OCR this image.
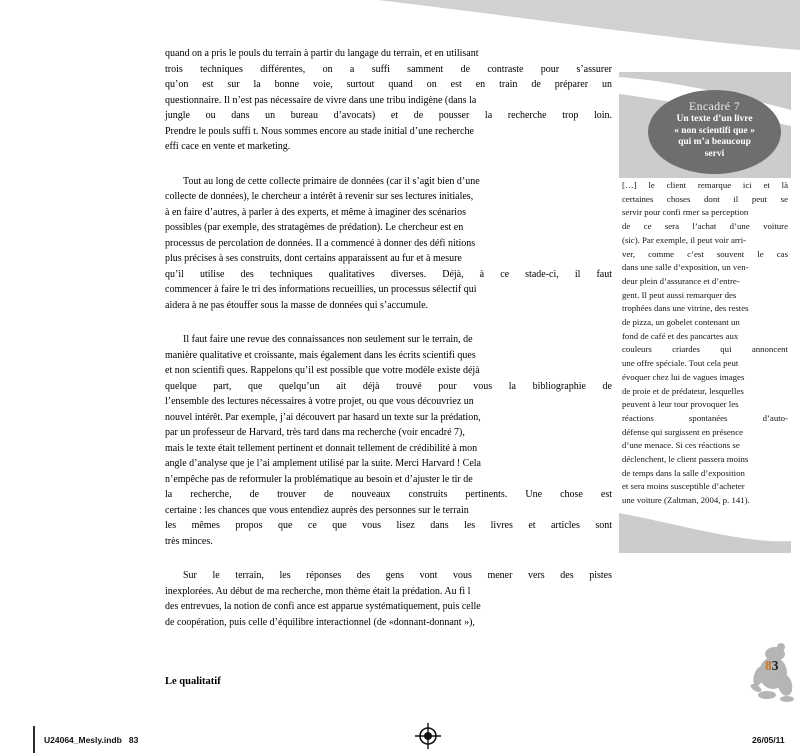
quand on a pris le pouls du terrain à partir du langage du terrain, et en utilisant
trois techniques différentes, on a suffi samment de contraste pour s’assurer
qu’on est sur la bonne voie, surtout quand on est en train de préparer un
questionnaire. Il n’est pas nécessaire de vivre dans une tribu indigène (dans la
jungle ou dans un bureau d’avocats) et de pousser la recherche trop loin.
Prendre le pouls suffi t. Nous sommes encore au stade initial d’une recherche
effi cace en vente et marketing.
Tout au long de cette collecte primaire de données (car il s’agit bien d’une
collecte de données), le chercheur a intérêt à revenir sur ses lectures initiales,
à en faire d’autres, à parler à des experts, et même à imaginer des scénarios
possibles (par exemple, des stratagèmes de prédation). Le chercheur est en
processus de percolation de données. Il a commencé à donner des défi nitions
plus précises à ses construits, dont certains apparaissent au fur et à mesure
qu’il utilise des techniques qualitatives diverses. Déjà, à ce stade-ci, il faut
commencer à faire le tri des informations recueillies, un processus sélectif qui
aidera à ne pas étouffer sous la masse de données qui s’accumule.
Il faut faire une revue des connaissances non seulement sur le terrain, de
manière qualitative et croissante, mais également dans les écrits scientifi ques
et non scientifi ques. Rappelons qu’il est possible que votre modèle existe déjà
quelque part, que quelqu’un ait déjà trouvé pour vous la bibliographie de
l’ensemble des lectures nécessaires à votre projet, ou que vous découvriez un
nouvel intérêt. Par exemple, j’ai découvert par hasard un texte sur la prédation,
par un professeur de Harvard, très tard dans ma recherche (voir encadré 7),
mais le texte était tellement pertinent et donnait tellement de crédibilité à mon
angle d’analyse que je l’ai amplement utilisé par la suite. Merci Harvard ! Cela
n’empêche pas de reformuler la problématique au besoin et d’ajuster le tir de
la recherche, de trouver de nouveaux construits pertinents. Une chose est
certaine : les chances que vous entendiez auprès des personnes sur le terrain
les mêmes propos que ce que vous lisez dans les livres et articles sont
très minces.
Sur le terrain, les réponses des gens vont vous mener vers des pistes
inexplorées. Au début de ma recherche, mon thème était la prédation. Au fi l
des entrevues, la notion de confi ance est apparue systématiquement, puis celle
de coopération, puis celle d’équilibre interactionnel (de «donnant-donnant »),
Encadré 7
Un texte d’un livre
« non scientifi que »
qui m’a beaucoup
servi
[…] le client remarque ici et là
certaines choses dont il peut se
servir pour confi rmer sa perception
de ce sera l’achat d’une voiture
(sic). Par exemple, il peut voir arri-
ver, comme c’est souvent le cas
dans une salle d’exposition, un ven-
deur plein d’assurance et d’entre-
gent. Il peut aussi remarquer des
trophées dans une vitrine, des restes
de pizza, un gobelet contenant un
fond de café et des pancartes aux
couleurs criardes qui annoncent
une offre spéciale. Tout cela peut
évoquer chez lui de vagues images
de proie et de prédateur, lesquelles
peuvent à leur tour provoquer les
réactions spontanées d’auto-
défense qui surgissent en présence
d’une menace. Si ces réactions se
déclenchent, le client passera moins
de temps dans la salle d’exposition
et sera moins susceptible d’acheter
une voiture (Zaltman, 2004, p. 141).
Le qualitatif
83
U24064_Mesly.indb   83	26/05/11
